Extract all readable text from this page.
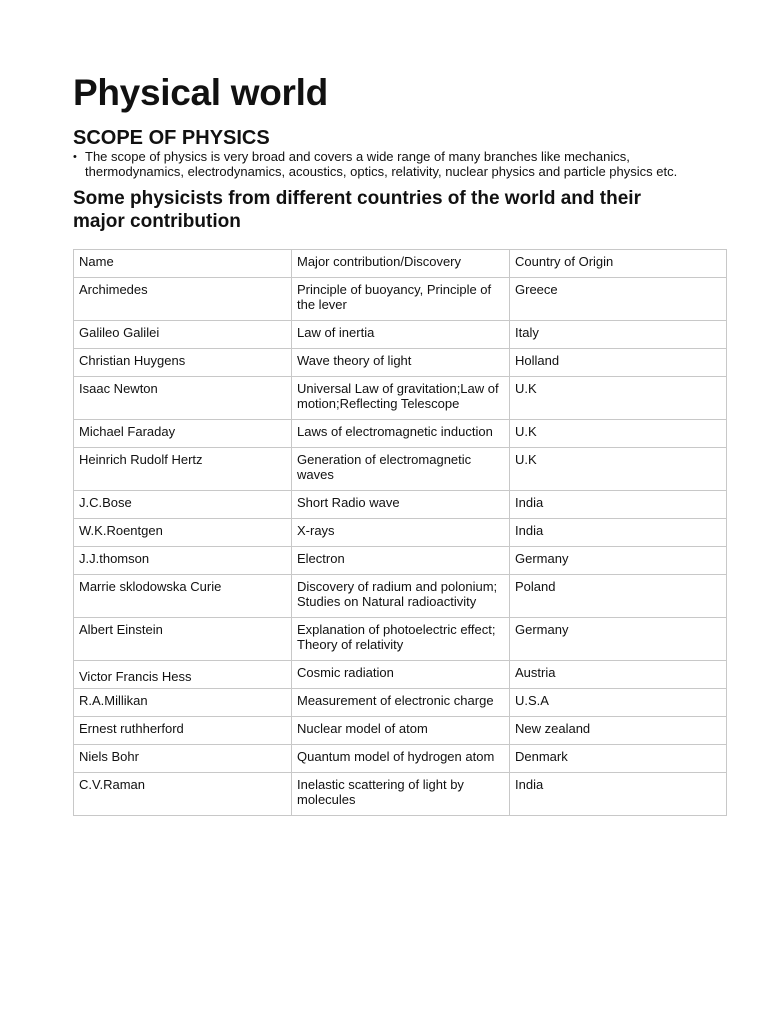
Physical world
SCOPE OF PHYSICS
• The scope of physics is very broad and covers a wide range of many branches like mechanics, thermodynamics, electrodynamics, acoustics, optics, relativity, nuclear physics and particle physics etc.
Some physicists from different countries of the world and their major contribution
Name	Major contribution/Discovery	Country of Origin
Archimedes	Principle of buoyancy, Principle of the lever	Greece
Galileo Galilei	Law of inertia	Italy
Christian Huygens	Wave theory of light	Holland
Isaac Newton	Universal Law of gravitation;Law of motion;Reflecting Telescope	U.K
Michael Faraday	Laws of electromagnetic induction	U.K
Heinrich Rudolf Hertz	Generation of electromagnetic waves	U.K
J.C.Bose	Short Radio wave	India
W.K.Roentgen	X-rays	India
J.J.thomson	Electron	Germany
Marrie sklodowska Curie	Discovery of radium and polonium; Studies on Natural radioactivity	Poland
Albert Einstein	Explanation of photoelectric effect; Theory of relativity	Germany
Victor Francis Hess	Cosmic radiation	Austria
R.A.Millikan	Measurement of electronic charge	U.S.A
Ernest ruthherford	Nuclear model of atom	New zealand
Niels Bohr	Quantum model of hydrogen atom	Denmark
C.V.Raman	Inelastic scattering of light by molecules	India
